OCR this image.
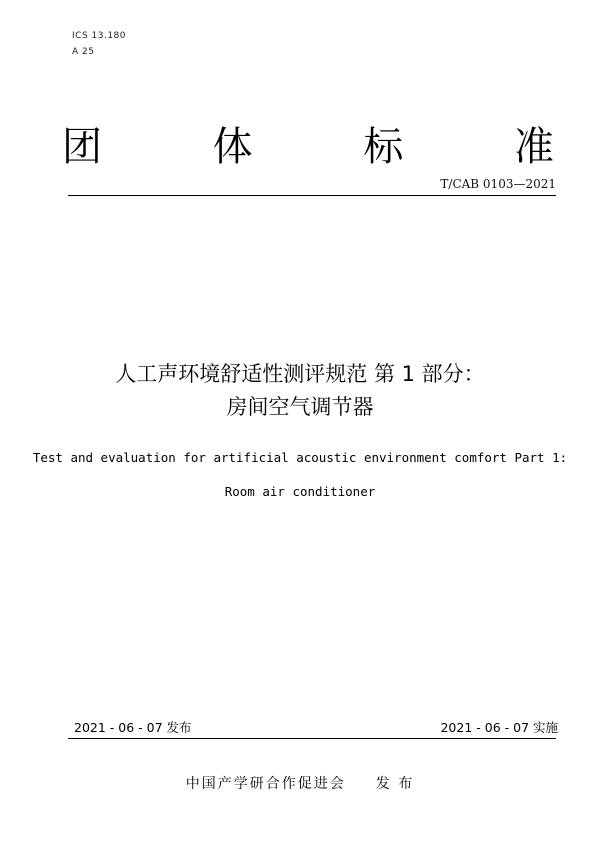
ICS 13.180
A 25
团	体	标	准
T/CAB 0103—2021
人工声环境舒适性测评规范 第 1 部分：
房间空气调节器
Test and evaluation for artificial acoustic environment comfort Part 1:
Room air conditioner
2021 - 06 - 07 发布	2021 - 06 - 07 实施
中国产学研合作促进会 发 布
